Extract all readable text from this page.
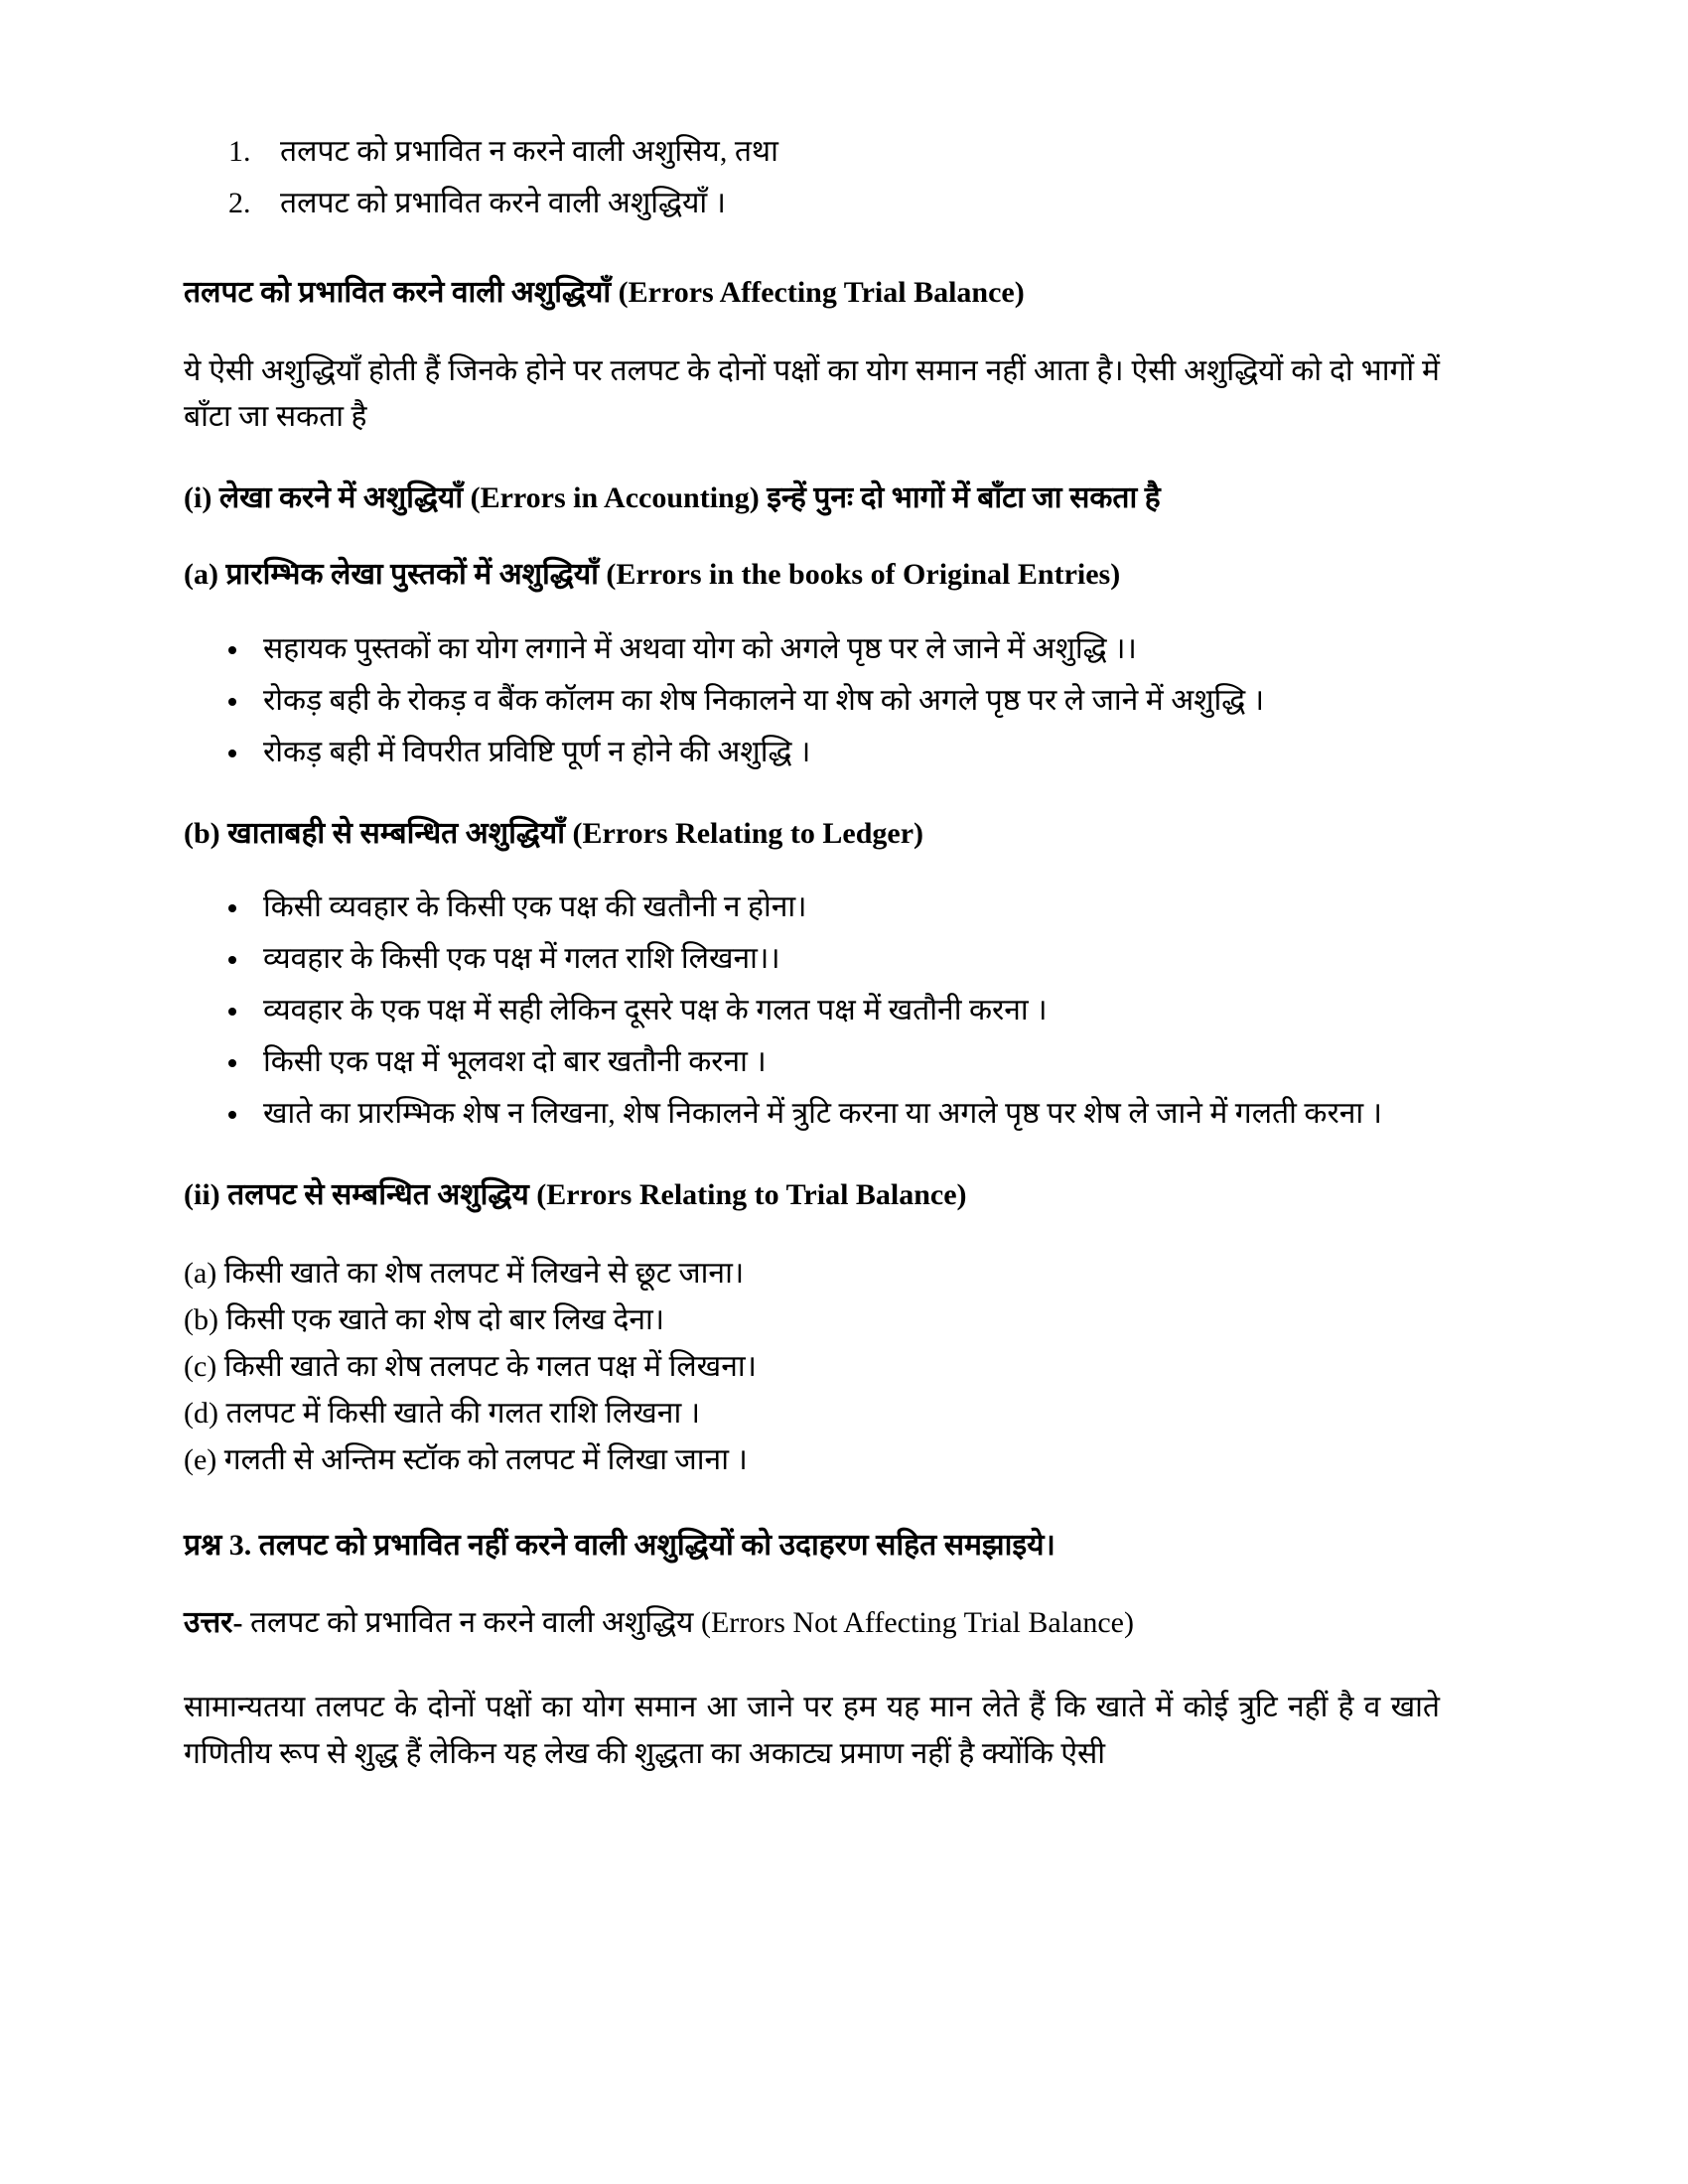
1. तलपट को प्रभावित न करने वाली अशुसिय, तथा
2. तलपट को प्रभावित करने वाली अशुद्धियाँ ।
तलपट को प्रभावित करने वाली अशुद्धियाँ (Errors Affecting Trial Balance)

ये ऐसी अशुद्धियाँ होती हैं जिनके होने पर तलपट के दोनों पक्षों का योग समान नहीं आता है। ऐसी अशुद्धियों को दो भागों में बाँटा जा सकता है

(i) लेखा करने में अशुद्धियाँ (Errors in Accounting) इन्हें पुनः दो भागों में बाँटा जा सकता है
(a) प्रारम्भिक लेखा पुस्तकों में अशुद्धियाँ (Errors in the books of Original Entries)
सहायक पुस्तकों का योग लगाने में अथवा योग को अगले पृष्ठ पर ले जाने में अशुद्धि ।।
रोकड़ बही के रोकड़ व बैंक कॉलम का शेष निकालने या शेष को अगले पृष्ठ पर ले जाने में अशुद्धि ।
रोकड़ बही में विपरीत प्रविष्टि पूर्ण न होने की अशुद्धि ।
(b) खाताबही से सम्बन्धित अशुद्धियाँ (Errors Relating to Ledger)
किसी व्यवहार के किसी एक पक्ष की खतौनी न होना।
व्यवहार के किसी एक पक्ष में गलत राशि लिखना।।
व्यवहार के एक पक्ष में सही लेकिन दूसरे पक्ष के गलत पक्ष में खतौनी करना ।
किसी एक पक्ष में भूलवश दो बार खतौनी करना ।
खाते का प्रारम्भिक शेष न लिखना, शेष निकालने में त्रुटि करना या अगले पृष्ठ पर शेष ले जाने में गलती करना ।
(ii) तलपट से सम्बन्धित अशुद्धिय (Errors Relating to Trial Balance)
(a) किसी खाते का शेष तलपट में लिखने से छूट जाना।
(b) किसी एक खाते का शेष दो बार लिख देना।
(c) किसी खाते का शेष तलपट के गलत पक्ष में लिखना।
(d) तलपट में किसी खाते की गलत राशि लिखना ।
(e) गलती से अन्तिम स्टॉक को तलपट में लिखा जाना ।
प्रश्न 3. तलपट को प्रभावित नहीं करने वाली अशुद्धियों को उदाहरण सहित समझाइये।
उत्तर- तलपट को प्रभावित न करने वाली अशुद्धिय (Errors Not Affecting Trial Balance)

सामान्यतया तलपट के दोनों पक्षों का योग समान आ जाने पर हम यह मान लेते हैं कि खाते में कोई त्रुटि नहीं है व खाते गणितीय रूप से शुद्ध हैं लेकिन यह लेख की शुद्धता का अकाट्य प्रमाण नहीं है क्योंकि ऐसी
